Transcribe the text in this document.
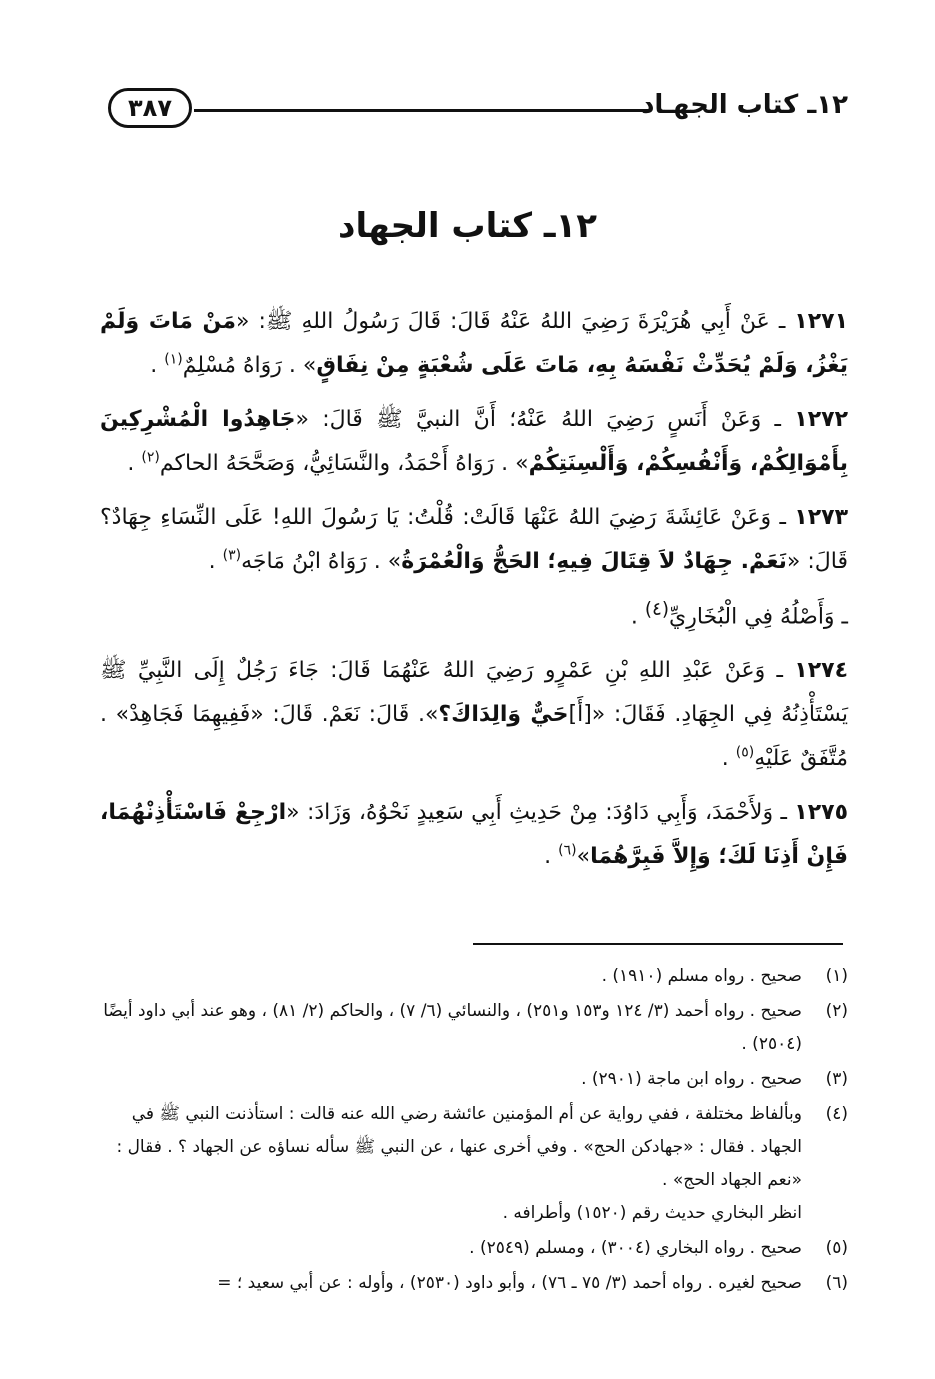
١٢ـ كتاب الجهـاد
٣٨٧
١٢ـ كتاب الجهاد

١٢٧١ ـ عَنْ أَبِي هُرَيْرَةَ رَضِيَ اللهُ عَنْهُ قَالَ: قَالَ رَسُولُ اللهِ ﷺ: «مَنْ مَاتَ وَلَمْ يَغْزُ، وَلَمْ يُحَدِّثْ نَفْسَهُ بِهِ، مَاتَ عَلَى شُعْبَةٍ مِنْ نِفَاقٍ» . رَوَاهُ مُسْلِمٌ$^{(١)}$ .

١٢٧٢ ـ وَعَنْ أَنَسٍ رَضِيَ اللهُ عَنْهُ؛ أَنَّ النبيَّ ﷺ قَالَ: «جَاهِدُوا الْمُشْرِكِينَ بِأَمْوَالِكُمْ، وَأَنْفُسِكُمْ، وَأَلْسِنَتِكُمْ» . رَوَاهُ أَحْمَدُ، والنَّسَائِيُّ، وَصَحَّحَهُ الحاكم$^{(٢)}$ .

١٢٧٣ ـ وَعَنْ عَائِشَةَ رَضِيَ اللهُ عَنْهَا قَالَتْ: قُلْتُ: يَا رَسُولَ اللهِ! عَلَى النِّسَاءِ جِهَادٌ؟ قَالَ: «نَعَمْ. جِهَادٌ لاَ قِتَالَ فِيهِ؛ الحَجُّ وَالْعُمْرَةُ» . رَوَاهُ ابْنُ مَاجَه$^{(٣)}$ .

ـ وَأَصْلُهُ فِي الْبُخَارِيِّ$^{(٤)}$ .

١٢٧٤ ـ وَعَنْ عَبْدِ اللهِ بْنِ عَمْرٍو رَضِيَ اللهُ عَنْهُمَا قَالَ: جَاءَ رَجُلٌ إِلَى النَّبِيِّ ﷺ يَسْتَأْذِنُهُ فِي الجِهَادِ. فَقَالَ: «[أَ]حَيٌّ وَالِدَاكَ؟». قَالَ: نَعَمْ. قَالَ: «فَفِيهِمَا فَجَاهِدْ» . مُتَّفَقٌ عَلَيْهِ$^{(٥)}$ .

١٢٧٥ ـ وَلأَحْمَدَ، وَأَبِي دَاوُدَ: مِنْ حَدِيثِ أَبِي سَعِيدٍ نَحْوُهُ، وَزَادَ: «ارْجِعْ فَاسْتَأْذِنْهُمَا، فَإِنْ أَذِنَا لَكَ؛ وَإِلاَّ فَبِرَّهُمَا»$^{(٦)}$ .

(١)
صحيح . رواه مسلم (١٩١٠) .
(٢)
صحيح . رواه أحمد (٣/ ١٢٤ و١٥٣ و٢٥١) ، والنسائي (٦/ ٧) ، والحاكم (٢/ ٨١) ، وهو عند أبي داود أيضًا (٢٥٠٤) .
(٣)
صحيح . رواه ابن ماجة (٢٩٠١) .
(٤)
وبألفاظ مختلفة ، ففي رواية عن أم المؤمنين عائشة رضي الله عنه قالت : استأذنت النبي ﷺ في الجهاد . فقال : «جهادكن الحج» . وفي أخرى عنها ، عن النبي ﷺ سأله نساؤه عن الجهاد ؟ . فقال : «نعم الجهاد الحج» .
انظر البخاري حديث رقم (١٥٢٠) وأطرافه .
(٥)
صحيح . رواه البخاري (٣٠٠٤) ، ومسلم (٢٥٤٩) .
(٦)
صحيح لغيره . رواه أحمد (٣/ ٧٥ ـ ٧٦) ، وأبو داود (٢٥٣٠) ، وأوله : عن أبي سعيد ؛ =
